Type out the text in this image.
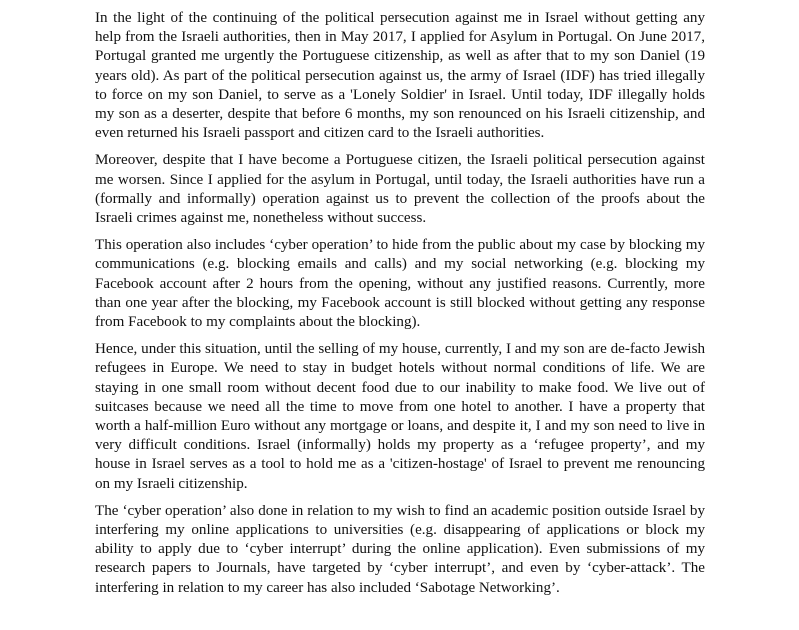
In the light of the continuing of the political persecution against me in Israel without getting any help from the Israeli authorities, then in May 2017, I applied for Asylum in Portugal. On June 2017, Portugal granted me urgently the Portuguese citizenship, as well as after that to my son Daniel (19 years old). As part of the political persecution against us, the army of Israel (IDF) has tried illegally to force on my son Daniel, to serve as a 'Lonely Soldier' in Israel. Until today, IDF illegally holds my son as a deserter, despite that before 6 months, my son renounced on his Israeli citizenship, and even returned his Israeli passport and citizen card to the Israeli authorities.

Moreover, despite that I have become a Portuguese citizen, the Israeli political persecution against me worsen. Since I applied for the asylum in Portugal, until today, the Israeli authorities have run a (formally and informally) operation against us to prevent the collection of the proofs about the Israeli crimes against me, nonetheless without success.

This operation also includes ‘cyber operation’ to hide from the public about my case by blocking my communications (e.g. blocking emails and calls) and my social networking (e.g. blocking my Facebook account after 2 hours from the opening, without any justified reasons. Currently, more than one year after the blocking, my Facebook account is still blocked without getting any response from Facebook to my complaints about the blocking).

Hence, under this situation, until the selling of my house, currently, I and my son are de-facto Jewish refugees in Europe. We need to stay in budget hotels without normal conditions of life. We are staying in one small room without decent food due to our inability to make food. We live out of suitcases because we need all the time to move from one hotel to another. I have a property that worth a half-million Euro without any mortgage or loans, and despite it, I and my son need to live in very difficult conditions. Israel (informally) holds my property as a ‘refugee property’, and my house in Israel serves as a tool to hold me as a 'citizen-hostage' of Israel to prevent me renouncing on my Israeli citizenship.

The ‘cyber operation’ also done in relation to my wish to find an academic position outside Israel by interfering my online applications to universities (e.g. disappearing of applications or block my ability to apply due to ‘cyber interrupt’ during the online application). Even submissions of my research papers to Journals, have targeted by ‘cyber interrupt’, and even by ‘cyber-attack’. The interfering in relation to my career has also included ‘Sabotage Networking’.
